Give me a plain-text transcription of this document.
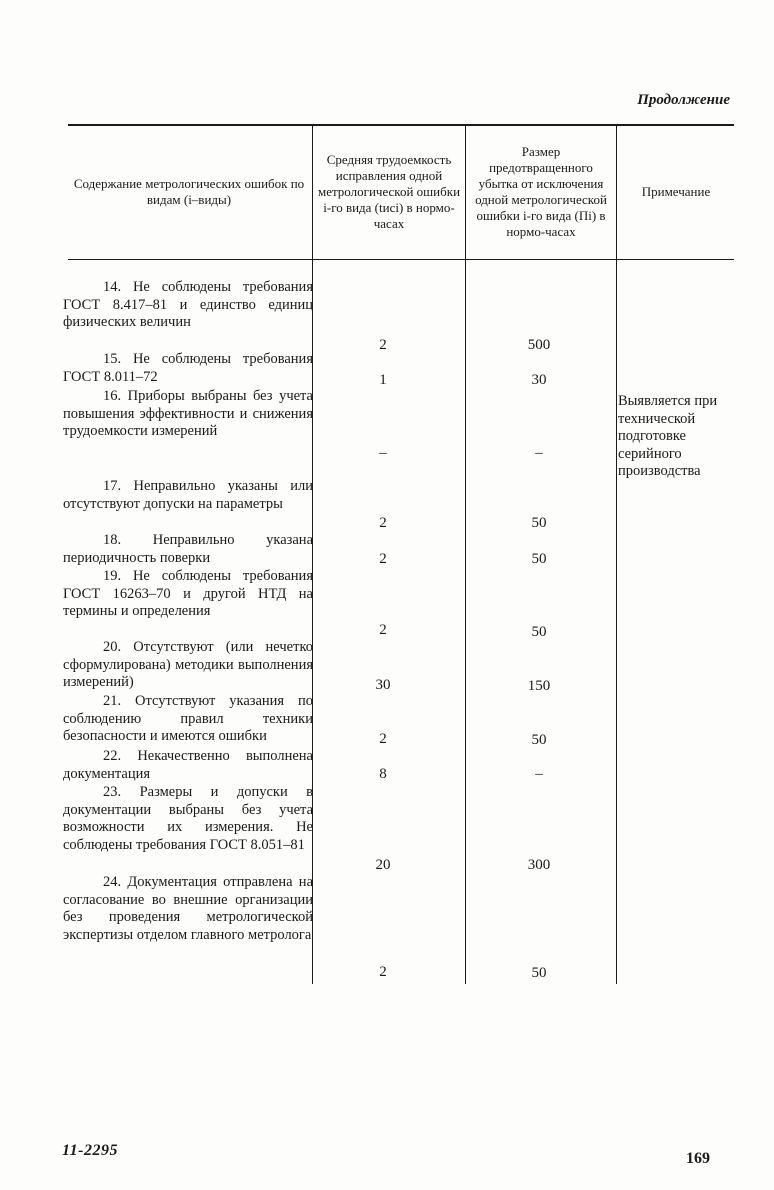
Продолжение
Содержание метрологических ошибок по видам (i–виды)
Средняя трудоемкость исправления одной метрологической ошибки i-го вида (tиci) в нормо-часах
Размер предотвращенного убытка от исключения одной метрологической ошибки i-го вида (Пi) в нормо-часах
Примечание
14. Не соблюдены требования ГОСТ 8.417–81 и единство единиц физических величин
2	500
15. Не соблюдены требования ГОСТ 8.011–72	1	30
16. Приборы выбраны без учета повышения эффективности и снижения трудоемкости измерений
–	–
17. Неправильно указаны или отсутствуют допуски на параметры
2	50
18. Неправильно указана периодичность поверки	2	50
19. Не соблюдены требования ГОСТ 16263–70 и другой НТД на термины и определения
2	50
20. Отсутствуют (или нечетко сформулирована) методики выполнения измерений)	30	150
21. Отсутствуют указания по соблюдению правил техники безопасности и имеются ошибки	2	50
22. Некачественно выполнена документация	8	–
23. Размеры и допуски в документации выбраны без учета возможности их измерения. Не соблюдены требования ГОСТ 8.051–81
20	300
24. Документация отправлена на согласование во внешние организации без проведения метрологической экспертизы отделом главного метролога
2	50
Выявляется при технической подготовке серийного производства
11-2295	169
